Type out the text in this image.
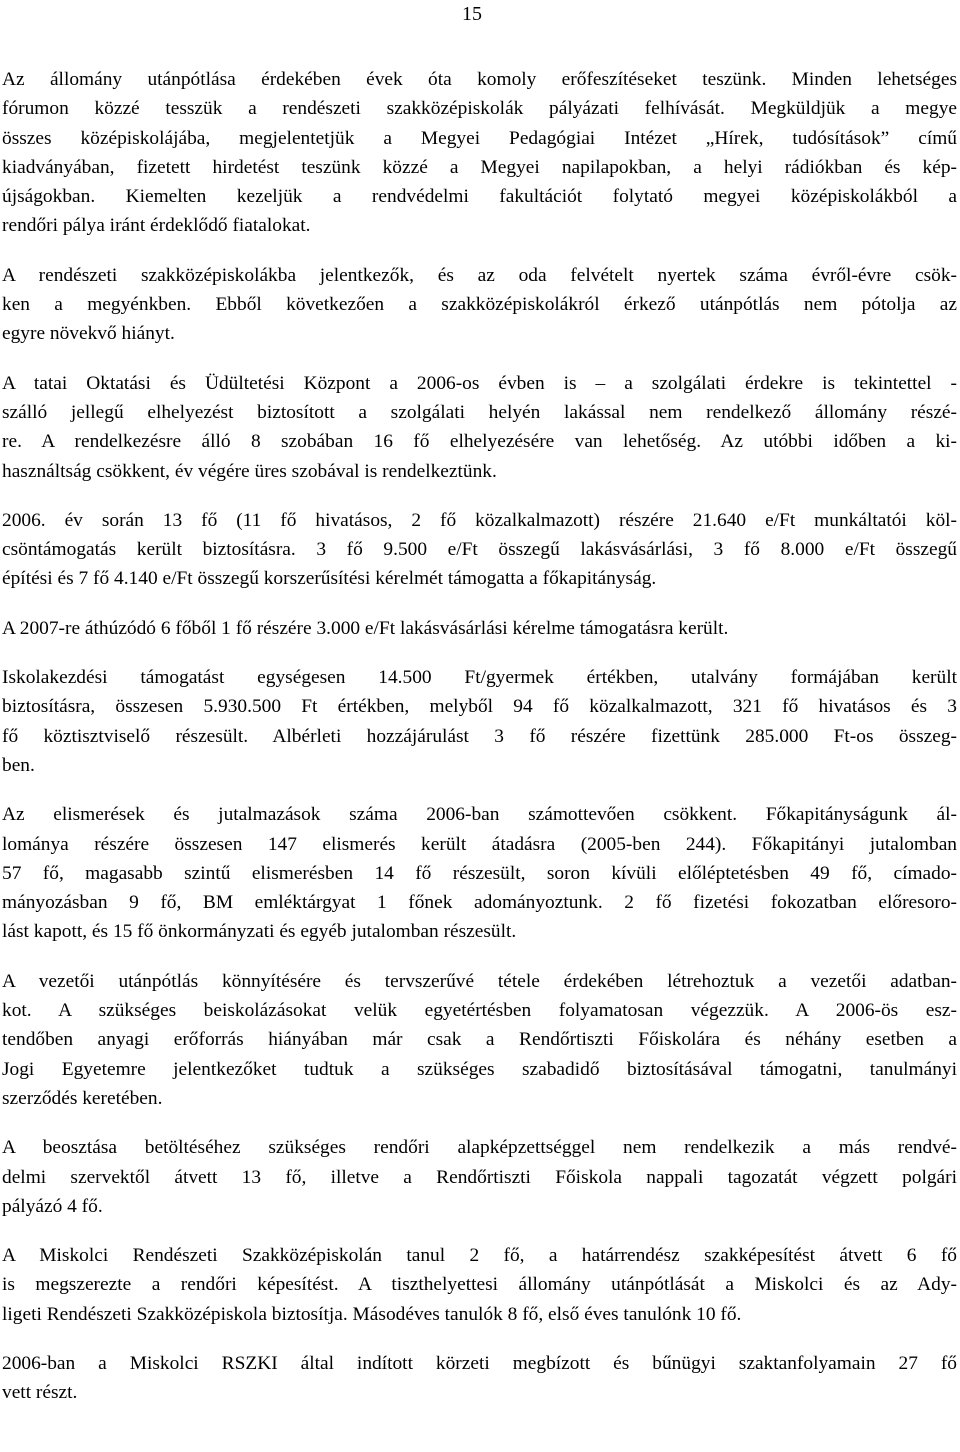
15

Az állomány utánpótlása érdekében évek óta komoly erőfeszítéseket teszünk. Minden lehetséges
fórumon közzé tesszük a rendészeti szakközépiskolák pályázati felhívását. Megküldjük a megye
összes középiskolájába, megjelentetjük a Megyei Pedagógiai Intézet „Hírek, tudósítások” című
kiadványában, fizetett hirdetést teszünk közzé a Megyei napilapokban, a helyi rádiókban és kép-
újságokban. Kiemelten kezeljük a rendvédelmi fakultációt folytató megyei középiskolákból a
rendőri pálya iránt érdeklődő fiatalokat.

A rendészeti szakközépiskolákba jelentkezők, és az oda felvételt nyertek száma évről-évre csök-
ken a megyénkben. Ebből következően a szakközépiskolákról érkező utánpótlás nem pótolja az
egyre növekvő hiányt.

A tatai Oktatási és Üdültetési Központ a 2006-os évben is – a szolgálati érdekre is tekintettel -
szálló jellegű elhelyezést biztosított a szolgálati helyén lakással nem rendelkező állomány részé-
re. A rendelkezésre álló 8 szobában 16 fő elhelyezésére van lehetőség. Az utóbbi időben a ki-
használtság csökkent, év végére üres szobával is rendelkeztünk.

2006. év során 13 fő (11 fő hivatásos, 2 fő közalkalmazott) részére 21.640 e/Ft munkáltatói köl-
csöntámogatás került biztosításra. 3 fő 9.500 e/Ft összegű lakásvásárlási, 3 fő 8.000 e/Ft összegű
építési és 7 fő 4.140 e/Ft összegű korszerűsítési kérelmét támogatta a főkapitányság.

A 2007-re áthúzódó 6 főből 1 fő részére 3.000 e/Ft lakásvásárlási kérelme támogatásra került.

Iskolakezdési támogatást egységesen 14.500 Ft/gyermek értékben, utalvány formájában került
biztosításra, összesen 5.930.500 Ft értékben, melyből 94 fő közalkalmazott, 321 fő hivatásos és 3
fő köztisztviselő részesült. Albérleti hozzájárulást 3 fő részére fizettünk 285.000 Ft-os összeg-
ben.

Az elismerések és jutalmazások száma 2006-ban számottevően csökkent. Főkapitányságunk ál-
lománya részére összesen 147 elismerés került átadásra (2005-ben 244). Főkapitányi jutalomban
57 fő, magasabb szintű elismerésben 14 fő részesült, soron kívüli előléptetésben 49 fő, címado-
mányozásban 9 fő, BM emléktárgyat 1 főnek adományoztunk. 2 fő fizetési fokozatban előresoro-
lást kapott, és 15 fő önkormányzati és egyéb jutalomban részesült.

A vezetői utánpótlás könnyítésére és tervszerűvé tétele érdekében létrehoztuk a vezetői adatban-
kot. A szükséges beiskolázásokat velük egyetértésben folyamatosan végezzük. A 2006-ös esz-
tendőben anyagi erőforrás hiányában már csak a Rendőrtiszti Főiskolára és néhány esetben a
Jogi Egyetemre jelentkezőket tudtuk a szükséges szabadidő biztosításával támogatni, tanulmányi
szerződés keretében.

A beosztása betöltéséhez szükséges rendőri alapképzettséggel nem rendelkezik a más rendvé-
delmi szervektől átvett 13 fő, illetve a Rendőrtiszti Főiskola nappali tagozatát végzett polgári
pályázó 4 fő.

A Miskolci Rendészeti Szakközépiskolán tanul 2 fő, a határrendész szakképesítést átvett 6 fő
is megszerezte a rendőri képesítést. A tiszthelyettesi állomány utánpótlását a Miskolci és az Ady-
ligeti Rendészeti Szakközépiskola biztosítja. Másodéves tanulók 8 fő, első éves tanulónk 10 fő.

2006-ban a Miskolci RSZKI által indított körzeti megbízott és bűnügyi szaktanfolyamain 27 fő
vett részt.
